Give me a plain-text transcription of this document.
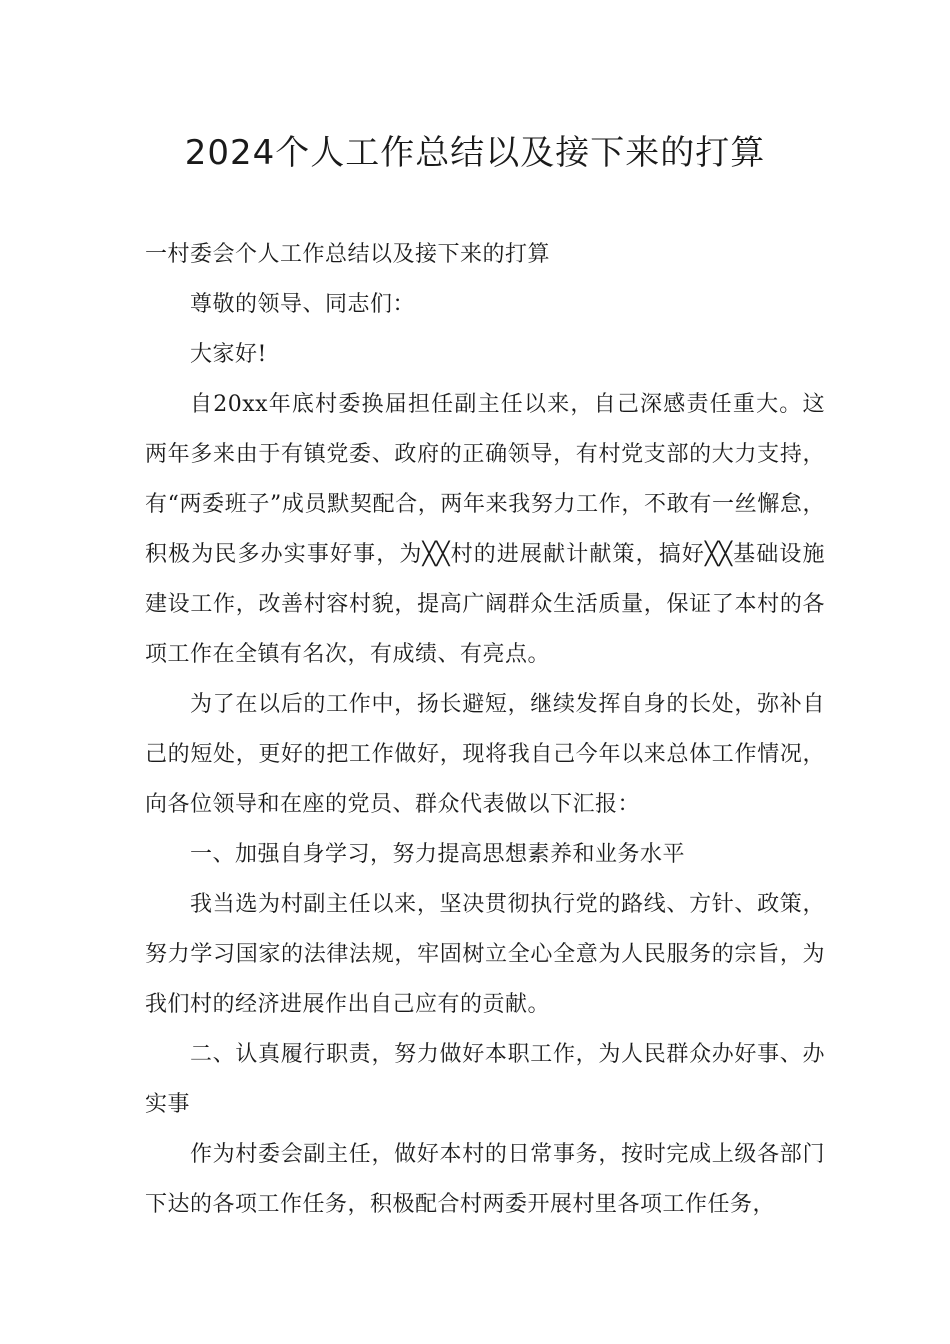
2024个人工作总结以及接下来的打算

一村委会个人工作总结以及接下来的打算

尊敬的领导、同志们：

大家好!

自20xx年底村委换届担任副主任以来，自己深感责任重大。这两年多来由于有镇党委、政府的正确领导，有村党支部的大力支持，有“两委班子”成员默契配合，两年来我努力工作，不敢有一丝懈怠，积极为民多办实事好事，为╳╳村的进展献计献策，搞好╳╳基础设施建设工作，改善村容村貌，提高广阔群众生活质量，保证了本村的各项工作在全镇有名次，有成绩、有亮点。

为了在以后的工作中，扬长避短，继续发挥自身的长处，弥补自己的短处，更好的把工作做好，现将我自己今年以来总体工作情况，向各位领导和在座的党员、群众代表做以下汇报：

一、加强自身学习，努力提高思想素养和业务水平

我当选为村副主任以来，坚决贯彻执行党的路线、方针、政策，努力学习国家的法律法规，牢固树立全心全意为人民服务的宗旨，为我们村的经济进展作出自己应有的贡献。

二、认真履行职责，努力做好本职工作，为人民群众办好事、办实事

作为村委会副主任，做好本村的日常事务，按时完成上级各部门下达的各项工作任务，积极配合村两委开展村里各项工作任务，
